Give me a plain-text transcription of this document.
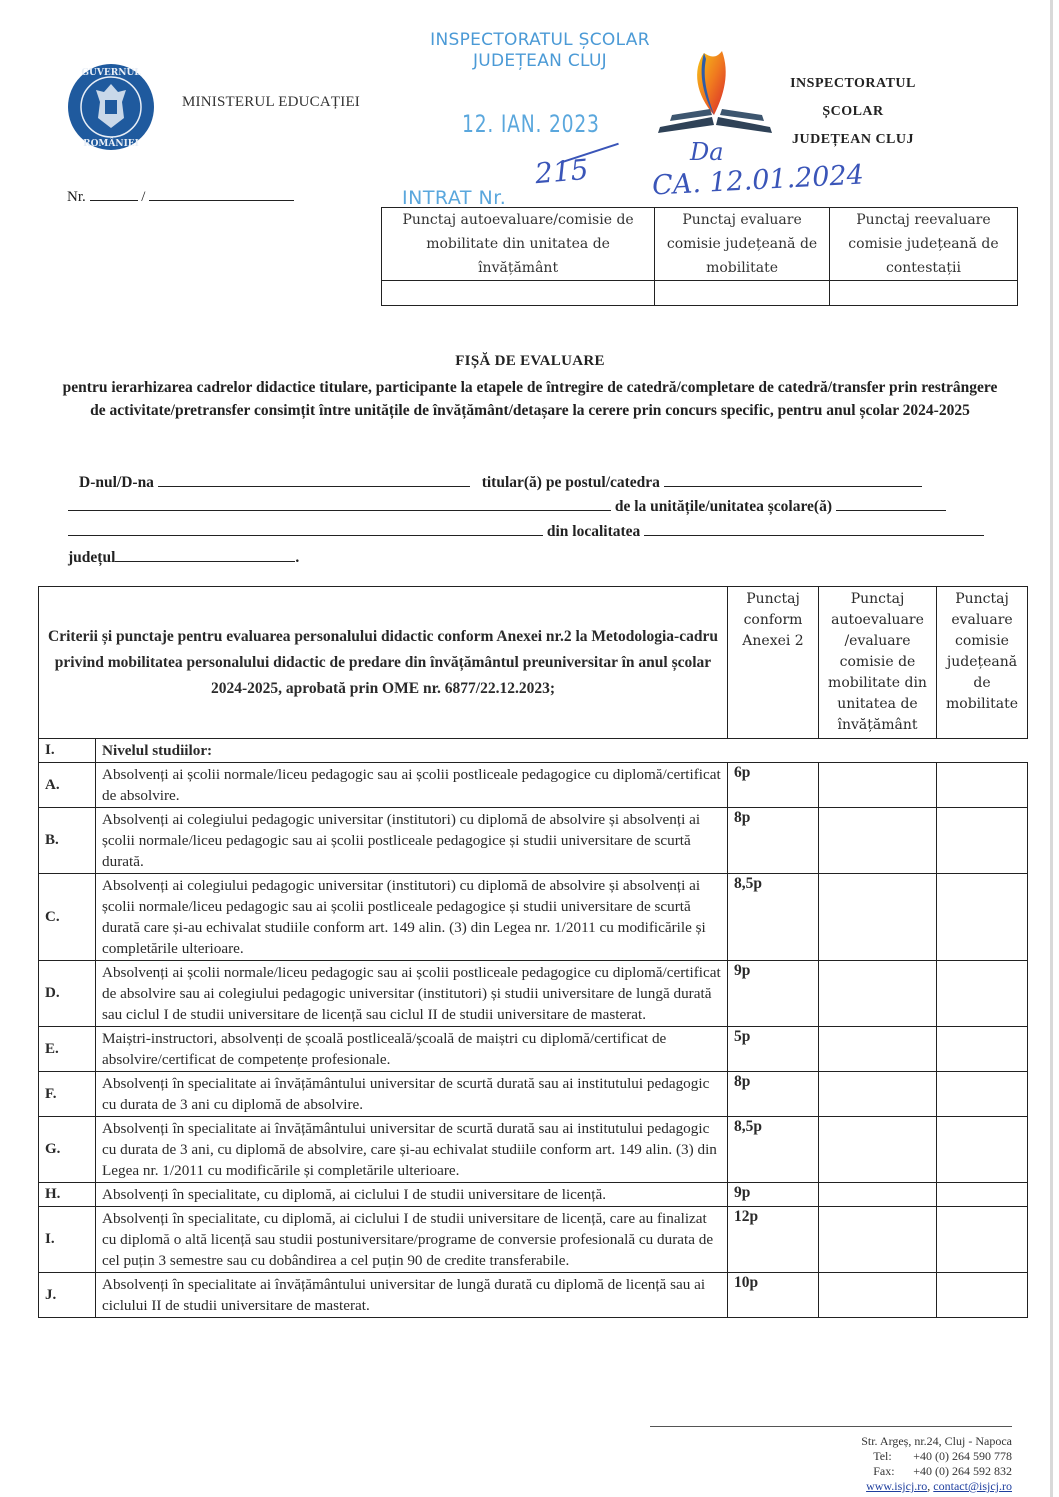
GUVERNUL
ROMÂNIEI
MINISTERUL EDUCAȚIEI
INSPECTORATUL ȘCOLAR
JUDEȚEAN CLUJ
12. IAN. 2023
INTRAT Nr.
215
Da
CA. 12.01.2024
INSPECTORATUL ȘCOLAR
JUDEȚEAN CLUJ
Nr.	/
Punctaj autoevaluare/comisie de mobilitate din unitatea de învățământ	Punctaj evaluare comisie județeană de mobilitate	Punctaj reevaluare comisie județeană de contestații

FIȘĂ DE EVALUARE
pentru ierarhizarea cadrelor didactice titulare, participante la etapele de întregire de catedră/completare de catedră/transfer prin restrângere de activitate/pretransfer consimțit între unitățile de învățământ/detașare la cerere prin concurs specific, pentru anul școlar 2024-2025
D-nul/D-na	titular(ă) pe postul/catedra
de la unitățile/unitatea școlare(ă)
din localitatea
județul	.
Criterii și punctaje pentru evaluarea personalului didactic conform Anexei nr.2 la Metodologia-cadru privind mobilitatea personalului didactic de predare din învățământul preuniversitar în anul școlar 2024-2025, aprobată prin OME nr. 6877/22.12.2023;		Punctaj conform Anexei 2	Punctaj autoevaluare /evaluare comisie de mobilitate din unitatea de învățământ	Punctaj evaluare comisie județeană de mobilitate
I.	Nivelul studiilor:			
A.	Absolvenți ai școlii normale/liceu pedagogic sau ai școlii postliceale pedagogice cu diplomă/certificat de absolvire.	6p		
B.	Absolvenți ai colegiului pedagogic universitar (institutori) cu diplomă de absolvire și absolvenți ai școlii normale/liceu pedagogic sau ai școlii postliceale pedagogice și studii universitare de scurtă durată.	8p		
C.	Absolvenți ai colegiului pedagogic universitar (institutori) cu diplomă de absolvire și absolvenți ai școlii normale/liceu pedagogic sau ai școlii postliceale pedagogice și studii universitare de scurtă durată care și-au echivalat studiile conform art. 149 alin. (3) din Legea nr. 1/2011 cu modificările și completările ulterioare.	8,5p		
D.	Absolvenți ai școlii normale/liceu pedagogic sau ai școlii postliceale pedagogice cu diplomă/certificat de absolvire sau ai colegiului pedagogic universitar (institutori) și studii universitare de lungă durată sau ciclul I de studii universitare de licență sau ciclul II de studii universitare de masterat.	9p		
E.	Maiștri-instructori, absolvenți de școală postliceală/școală de maiștri cu diplomă/certificat de absolvire/certificat de competențe profesionale.	5p		
F.	Absolvenți în specialitate ai învățământului universitar de scurtă durată sau ai institutului pedagogic cu durata de 3 ani cu diplomă de absolvire.	8p		
G.	Absolvenți în specialitate ai învățământului universitar de scurtă durată sau ai institutului pedagogic cu durata de 3 ani, cu diplomă de absolvire, care și-au echivalat studiile conform art. 149 alin. (3) din Legea nr. 1/2011 cu modificările și completările ulterioare.	8,5p		
H.	Absolvenți în specialitate, cu diplomă, ai ciclului I de studii universitare de licență.	9p		
I.	Absolvenți în specialitate, cu diplomă, ai ciclului I de studii universitare de licență, care au finalizat cu diplomă o altă licență sau studii postuniversitare/programe de conversie profesională cu durata de cel puțin 3 semestre sau cu dobândirea a cel puțin 90 de credite transferabile.	12p		
J.	Absolvenți în specialitate ai învățământului universitar de lungă durată cu diplomă de licență sau ai ciclului II de studii universitare de masterat.	10p		
Str. Argeș, nr.24, Cluj - Napoca
Tel: +40 (0) 264 590 778
Fax: +40 (0) 264 592 832
www.isjcj.ro, contact@isjcj.ro
